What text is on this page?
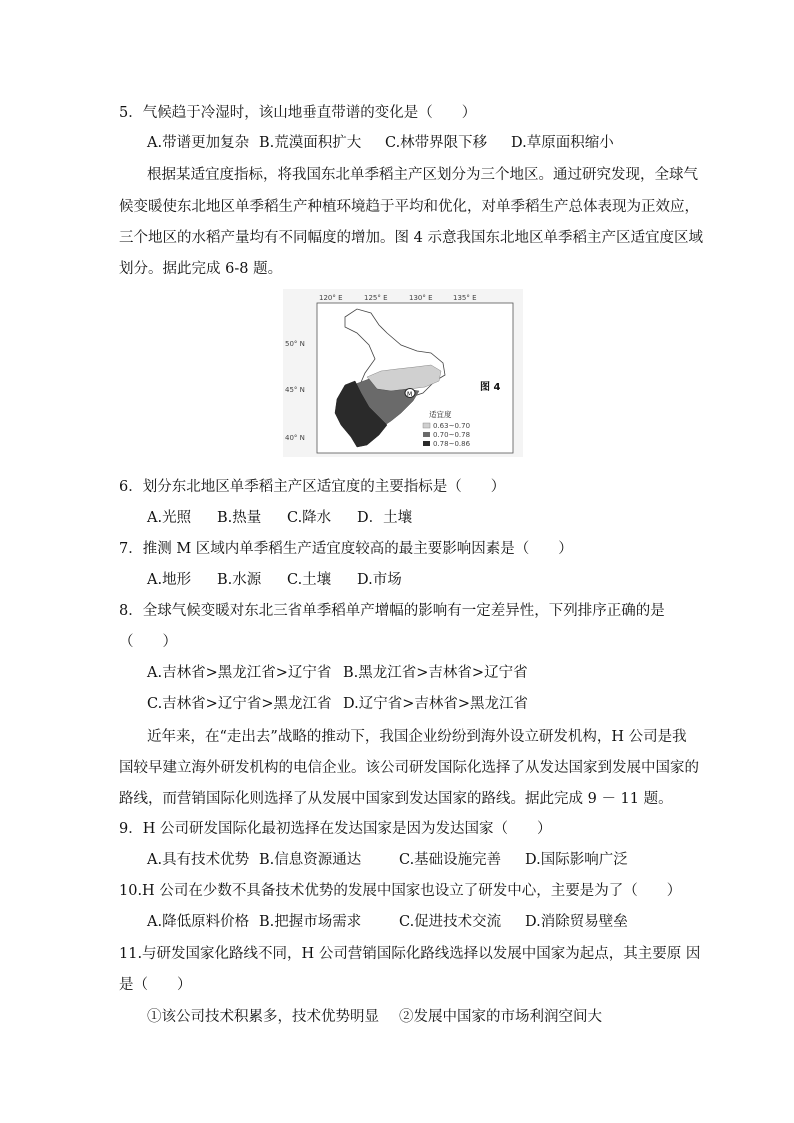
5．气候趋于冷湿时，该山地垂直带谱的变化是（　　）
A.带谱更加复杂 B.荒漠面积扩大 C.林带界限下移 D.草原面积缩小
根据某适宜度指标，将我国东北单季稻主产区划分为三个地区。通过研究发现，全球气
候变暖使东北地区单季稻生产种植环境趋于平均和优化，对单季稻生产总体表现为正效应，
三个地区的水稻产量均有不同幅度的增加。图 4 示意我国东北地区单季稻主产区适宜度区域
划分。据此完成 6-8 题。
120° E	125° E	130° E	135° E
50° N
45° N
40° N
M
适宜度
0.63~0.70
0.70~0.78
0.78~0.86
图 4
6．划分东北地区单季稻主产区适宜度的主要指标是（　　）
A.光照 B.热量 C.降水 D．土壤
7．推测 M 区域内单季稻生产适宜度较高的最主要影响因素是（　　）
A.地形 B.水源 C.土壤 D.市场
8．全球气候变暖对东北三省单季稻单产增幅的影响有一定差异性，下列排序正确的是
（　　）
A.吉林省>黑龙江省>辽宁省 B.黑龙江省>吉林省>辽宁省
C.吉林省>辽宁省>黑龙江省 D.辽宁省>吉林省>黑龙江省
近年来，在“走出去”战略的推动下，我国企业纷纷到海外设立研发机构，H 公司是我
国较早建立海外研发机构的电信企业。该公司研发国际化选择了从发达国家到发展中国家的
路线，而营销国际化则选择了从发展中国家到发达国家的路线。据此完成 9 － 11 题。
9．H 公司研发国际化最初选择在发达国家是因为发达国家（　　）
A.具有技术优势 B.信息资源通达	C.基础设施完善 D.国际影响广泛
10.H 公司在少数不具备技术优势的发展中国家也设立了研发中心，主要是为了（　　）
A.降低原料价格 B.把握市场需求	C.促进技术交流 D.消除贸易壁垒
11.与研发国家化路线不同，H 公司营销国际化路线选择以发展中国家为起点，其主要原 因
是（　　）
①该公司技术积累多，技术优势明显 ②发展中国家的市场利润空间大
